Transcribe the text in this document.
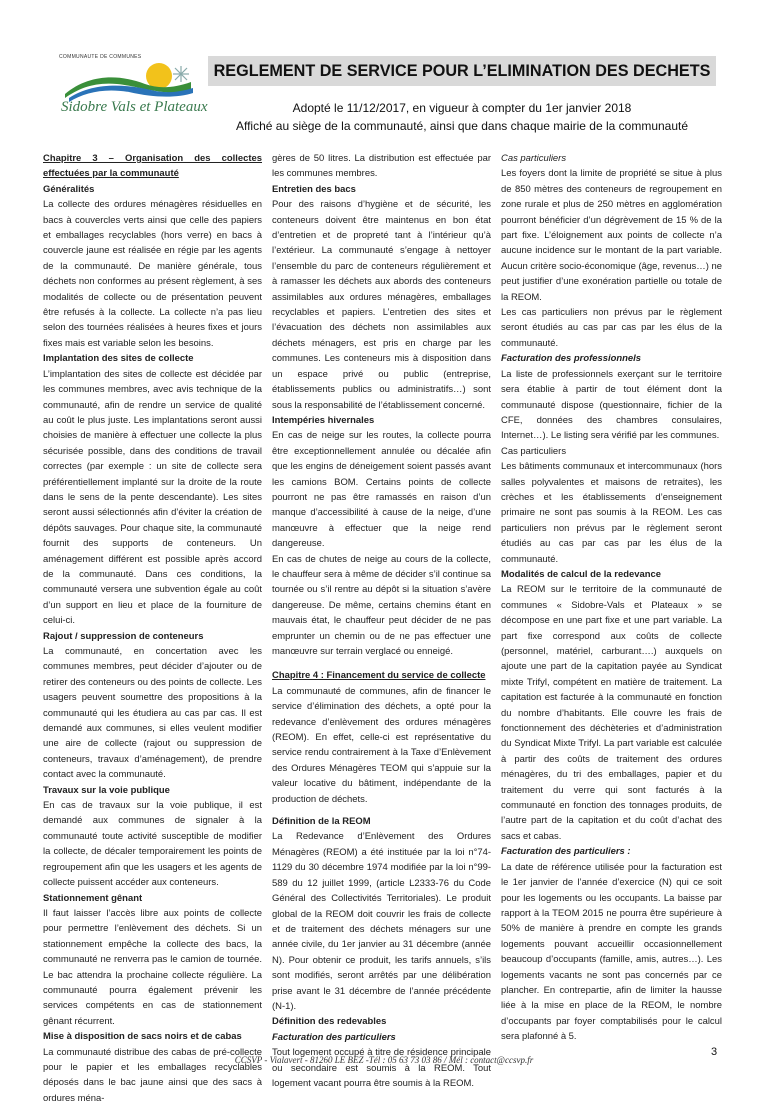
COMMUNAUTE DE COMMUNES
Sidobre Vals et Plateaux
REGLEMENT DE SERVICE POUR L’ELIMINATION DES DECHETS
Adopté le 11/12/2017, en vigueur à compter du 1er janvier 2018
Affiché au siège de la communauté, ainsi que dans chaque mairie de la communauté
Chapitre 3 – Organisation des collectes effectuées par la communauté
Généralités

La collecte des ordures ménagères résiduelles en bacs à couvercles verts ainsi que celle des papiers et emballages recyclables (hors verre) en bacs à couvercle jaune est réalisée en régie par les agents de la communauté. De manière générale, tous déchets non conformes au présent règlement, à ses modalités de collecte ou de présentation peuvent être refusés à la collecte. La collecte n’a pas lieu selon des tournées réalisées à heures fixes et jours fixes mais est variable selon les besoins.

Implantation des sites de collecte

L’implantation des sites de collecte est décidée par les communes membres, avec avis technique de la communauté, afin de rendre un service de qualité au coût le plus juste. Les implantations seront aussi choisies de manière à effectuer une collecte la plus sécurisée possible, dans des conditions de travail correctes (par exemple : un site de collecte sera préférentiellement implanté sur la droite de la route dans le sens de la pente descendante). Les sites seront aussi sélectionnés afin d’éviter la création de dépôts sauvages. Pour chaque site, la communauté fournit des supports de conteneurs. Un aménagement différent est possible après accord de la communauté. Dans ces conditions, la communauté versera une subvention égale au coût d’un support en lieu et place de la fourniture de celui-ci.

Rajout / suppression de conteneurs

La communauté, en concertation avec les communes membres, peut décider d’ajouter ou de retirer des conteneurs ou des points de collecte. Les usagers peuvent soumettre des propositions à la communauté qui les étudiera au cas par cas. Il est demandé aux communes, si elles veulent modifier une aire de collecte (rajout ou suppression de conteneurs, travaux d’aménagement), de prendre contact avec la communauté.

Travaux sur la voie publique

En cas de travaux sur la voie publique, il est demandé aux communes de signaler à la communauté toute activité susceptible de modifier la collecte, de décaler temporairement les points de regroupement afin que les usagers et les agents de collecte puissent accéder aux conteneurs.

Stationnement gênant

Il faut laisser l’accès libre aux points de collecte pour permettre l’enlèvement des déchets. Si un stationnement empêche la collecte des bacs, la communauté ne renverra pas le camion de tournée. Le bac attendra la prochaine collecte régulière. La communauté pourra également prévenir les services compétents en cas de stationnement gênant récurrent.

Mise à disposition de sacs noirs et de cabas

La communauté distribue des cabas de pré-collecte pour le papier et les emballages recyclables déposés dans le bac jaune ainsi que des sacs à ordures ména-

gères de 50 litres. La distribution est effectuée par les communes membres.

Entretien des bacs

Pour des raisons d’hygiène et de sécurité, les conteneurs doivent être maintenus en bon état d’entretien et de propreté tant à l’intérieur qu’à l’extérieur. La communauté s’engage à nettoyer l’ensemble du parc de conteneurs régulièrement et à ramasser les déchets aux abords des conteneurs assimilables aux ordures ménagères, emballages recyclables et papiers. L’entretien des sites et l’évacuation des déchets non assimilables aux déchets ménagers, est pris en charge par les communes. Les conteneurs mis à disposition dans un espace privé ou public (entreprise, établissements publics ou administratifs…) sont sous la responsabilité de l’établissement concerné.

Intempéries hivernales

En cas de neige sur les routes, la collecte pourra être exceptionnellement annulée ou décalée afin que les engins de déneigement soient passés avant les camions BOM. Certains points de collecte pourront ne pas être ramassés en raison d’un manque d’accessibilité à cause de la neige, d’une manœuvre à effectuer que la neige rend dangereuse.

En cas de chutes de neige au cours de la collecte, le chauffeur sera à même de décider s’il continue sa tournée ou s’il rentre au dépôt si la situation s’avère dangereuse. De même, certains chemins étant en mauvais état, le chauffeur peut décider de ne pas emprunter un chemin ou de ne pas effectuer une manœuvre sur terrain verglacé ou enneigé.

Chapitre 4 : Financement du service de collecte

La communauté de communes, afin de financer le service d’élimination des déchets, a opté pour la redevance d’enlèvement des ordures ménagères (REOM). En effet, celle-ci est représentative du service rendu contrairement à la Taxe d’Enlèvement des Ordures Ménagères TEOM qui s’appuie sur la valeur locative du bâtiment, indépendante de la production de déchets.

Définition de la REOM

La Redevance d’Enlèvement des Ordures Ménagères (REOM) a été instituée par la loi n°74-1129 du 30 décembre 1974 modifiée par la loi n°99-589 du 12 juillet 1999, (article L2333-76 du Code Général des Collectivités Territoriales). Le produit global de la REOM doit couvrir les frais de collecte et de traitement des déchets ménagers sur une année civile, du 1er janvier au 31 décembre (année N). Pour obtenir ce produit, les tarifs annuels, s’ils sont modifiés, seront arrêtés par une délibération prise avant le 31 décembre de l’année précédente (N-1).

Définition des redevables
Facturation des particuliers

Tout logement occupé à titre de résidence principale ou secondaire est soumis à la REOM. Tout logement vacant pourra être soumis à la REOM.

Cas particuliers

Les foyers dont la limite de propriété se situe à plus de 850 mètres des conteneurs de regroupement en zone rurale et plus de 250 mètres en agglomération pourront bénéficier d’un dégrèvement de 15 % de la part fixe. L’éloignement aux points de collecte n’a aucune incidence sur le montant de la part variable. Aucun critère socio-économique (âge, revenus…) ne peut justifier d’une exonération partielle ou totale de la REOM.

Les cas particuliers non prévus par le règlement seront étudiés au cas par cas par les élus de la communauté.

Facturation des professionnels

La liste de professionnels exerçant sur le territoire sera établie à partir de tout élément dont la communauté dispose (questionnaire, fichier de la CFE, données des chambres consulaires, Internet…). Le listing sera vérifié par les communes.

Cas particuliers

Les bâtiments communaux et intercommunaux (hors salles polyvalentes et maisons de retraites), les crèches et les établissements d’enseignement primaire ne sont pas soumis à la REOM. Les cas particuliers non prévus par le règlement seront étudiés au cas par cas par les élus de la communauté.

Modalités de calcul de la redevance

La REOM sur le territoire de la communauté de communes « Sidobre-Vals et Plateaux » se décompose en une part fixe et une part variable. La part fixe correspond aux coûts de collecte (personnel, matériel, carburant….) auxquels on ajoute une part de la capitation payée au Syndicat mixte Trifyl, compétent en matière de traitement. La capitation est facturée à la communauté en fonction du nombre d’habitants. Elle couvre les frais de fonctionnement des déchèteries et d’administration du Syndicat Mixte Trifyl. La part variable est calculée à partir des coûts de traitement des ordures ménagères, du tri des emballages, papier et du traitement du verre qui sont facturés à la communauté en fonction des tonnages produits, de l’autre part de la capitation et du coût d’achat des sacs et cabas.

Facturation des particuliers :

La date de référence utilisée pour la facturation est le 1er janvier de l’année d’exercice (N) qui ce soit pour les logements ou les occupants. La baisse par rapport à la TEOM 2015 ne pourra être supérieure à 50% de manière à prendre en compte les grands logements pouvant accueillir occasionnellement beaucoup d’occupants (famille, amis, autres…). Les logements vacants ne sont pas concernés par ce plancher. En contrepartie, afin de limiter la hausse liée à la mise en place de la REOM, le nombre d’occupants par foyer comptabilisés pour le calcul sera plafonné à 5.

3
CCSVP - Vialavert - 81260 LE BEZ -Tél : 05 63 73 03 86 / Mél : contact@ccsvp.fr
